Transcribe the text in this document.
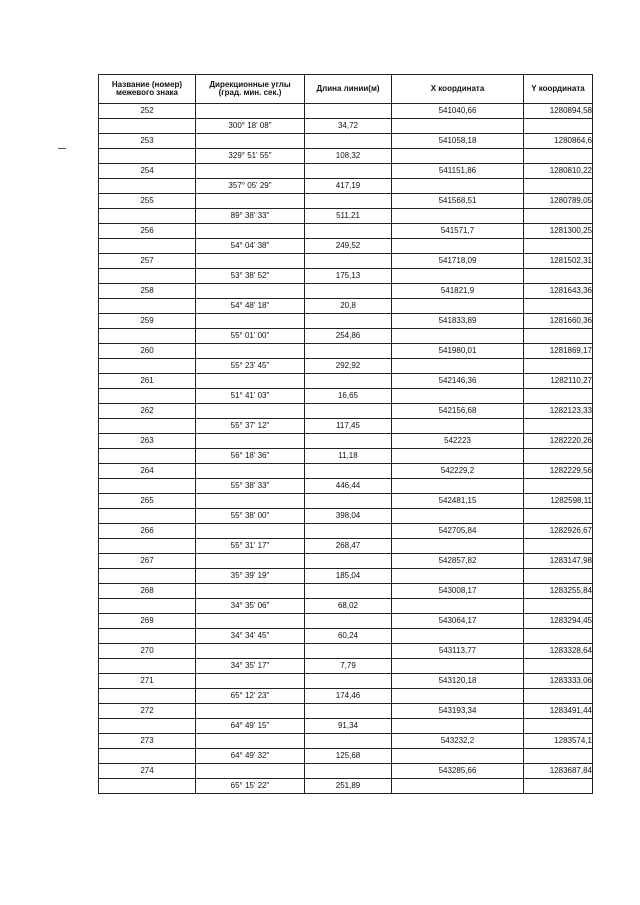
Название (номер)
межевого знака	Дирекционные углы
(град. мин. сек.)	Длина линии(м)	X координата	Y координата
252			541040,66	1280894,58
	300° 18' 08"	34,72		
253			541058,18	1280864,6
	329° 51' 55"	108,32		
254			541151,86	1280810,22
	357° 05' 29"	417,19		
255			541568,51	1280789,05
	89° 38' 33"	511,21		
256			541571,7	1281300,25
	54° 04' 38"	249,52		
257			541718,09	1281502,31
	53° 38' 52"	175,13		
258			541821,9	1281643,36
	54° 48' 18"	20,8		
259			541833,89	1281660,36
	55° 01' 00"	254,86		
260			541980,01	1281869,17
	55° 23' 45"	292,92		
261			542146,36	1282110,27
	51° 41' 03"	16,65		
262			542156,68	1282123,33
	55° 37' 12"	117,45		
263			542223	1282220,26
	56° 18' 36"	11,18		
264			542229,2	1282229,56
	55° 38' 33"	446,44		
265			542481,15	1282598,11
	55° 38' 00"	398,04		
266			542705,84	1282926,67
	55° 31' 17"	268,47		
267			542857,82	1283147,98
	35° 39' 19"	185,04		
268			543008,17	1283255,84
	34° 35' 06"	68,02		
269			543064,17	1283294,45
	34° 34' 45"	60,24		
270			543113,77	1283328,64
	34° 35' 17"	7,79		
271			543120,18	1283333,06
	65° 12' 23"	174,46		
272			543193,34	1283491,44
	64° 49' 15"	91,34		
273			543232,2	1283574,1
	64° 49' 32"	125,68		
274			543285,66	1283687,84
	65° 15' 22"	251,89		
